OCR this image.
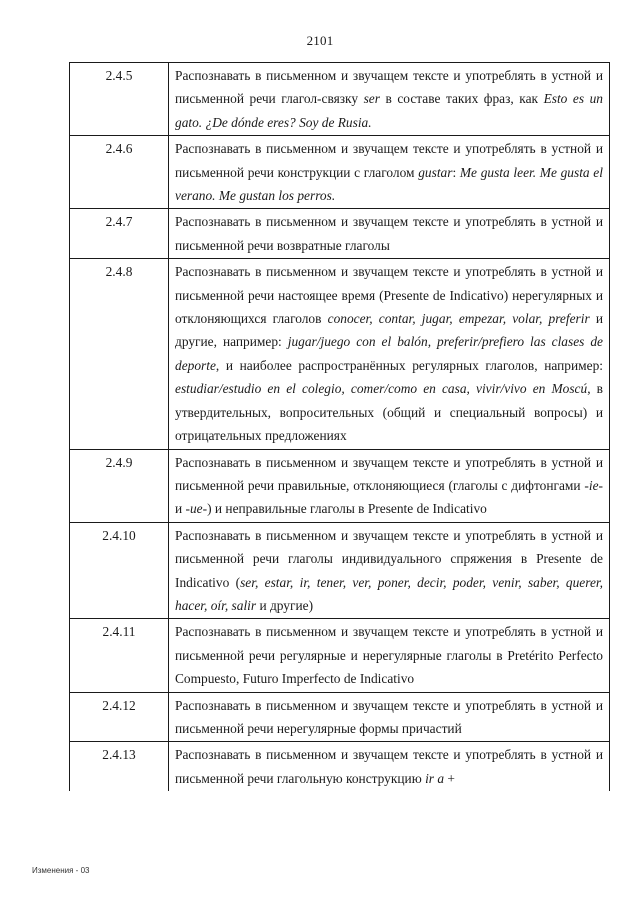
2101
2.4.5	Распознавать в письменном и звучащем тексте и употреблять в устной и письменной речи глагол-связку ser в составе таких фраз, как Esto es un gato. ¿De dónde eres? Soy de Rusia.
2.4.6	Распознавать в письменном и звучащем тексте и употреблять в устной и письменной речи конструкции с глаголом gustar: Me gusta leer. Me gusta el verano. Me gustan los perros.
2.4.7	Распознавать в письменном и звучащем тексте и употреблять в устной и письменной речи возвратные глаголы
2.4.8	Распознавать в письменном и звучащем тексте и употреблять в устной и письменной речи настоящее время (Presente de Indicativo) нерегулярных и отклоняющихся глаголов conocer, contar, jugar, empezar, volar, preferir и другие, например: jugar/juego con el balón, preferir/prefiero las clases de deporte, и наиболее распространённых регулярных глаголов, например: estudiar/estudio en el colegio, comer/como en casa, vivir/vivo en Moscú, в утвердительных, вопросительных (общий и специальный вопросы) и отрицательных предложениях
2.4.9	Распознавать в письменном и звучащем тексте и употреблять в устной и письменной речи правильные, отклоняющиеся (глаголы с дифтонгами -ie- и -ue-) и неправильные глаголы в Presente de Indicativo
2.4.10	Распознавать в письменном и звучащем тексте и употреблять в устной и письменной речи глаголы индивидуального спряжения в Presente de Indicativo (ser, estar, ir, tener, ver, poner, decir, poder, venir, saber, querer, hacer, oír, salir и другие)
2.4.11	Распознавать в письменном и звучащем тексте и употреблять в устной и письменной речи регулярные и нерегулярные глаголы в Pretérito Perfecto Compuesto, Futuro Imperfecto de Indicativo
2.4.12	Распознавать в письменном и звучащем тексте и употреблять в устной и письменной речи нерегулярные формы причастий
2.4.13	Распознавать в письменном и звучащем тексте и употреблять в устной и письменной речи глагольную конструкцию ir a +
Изменения - 03
